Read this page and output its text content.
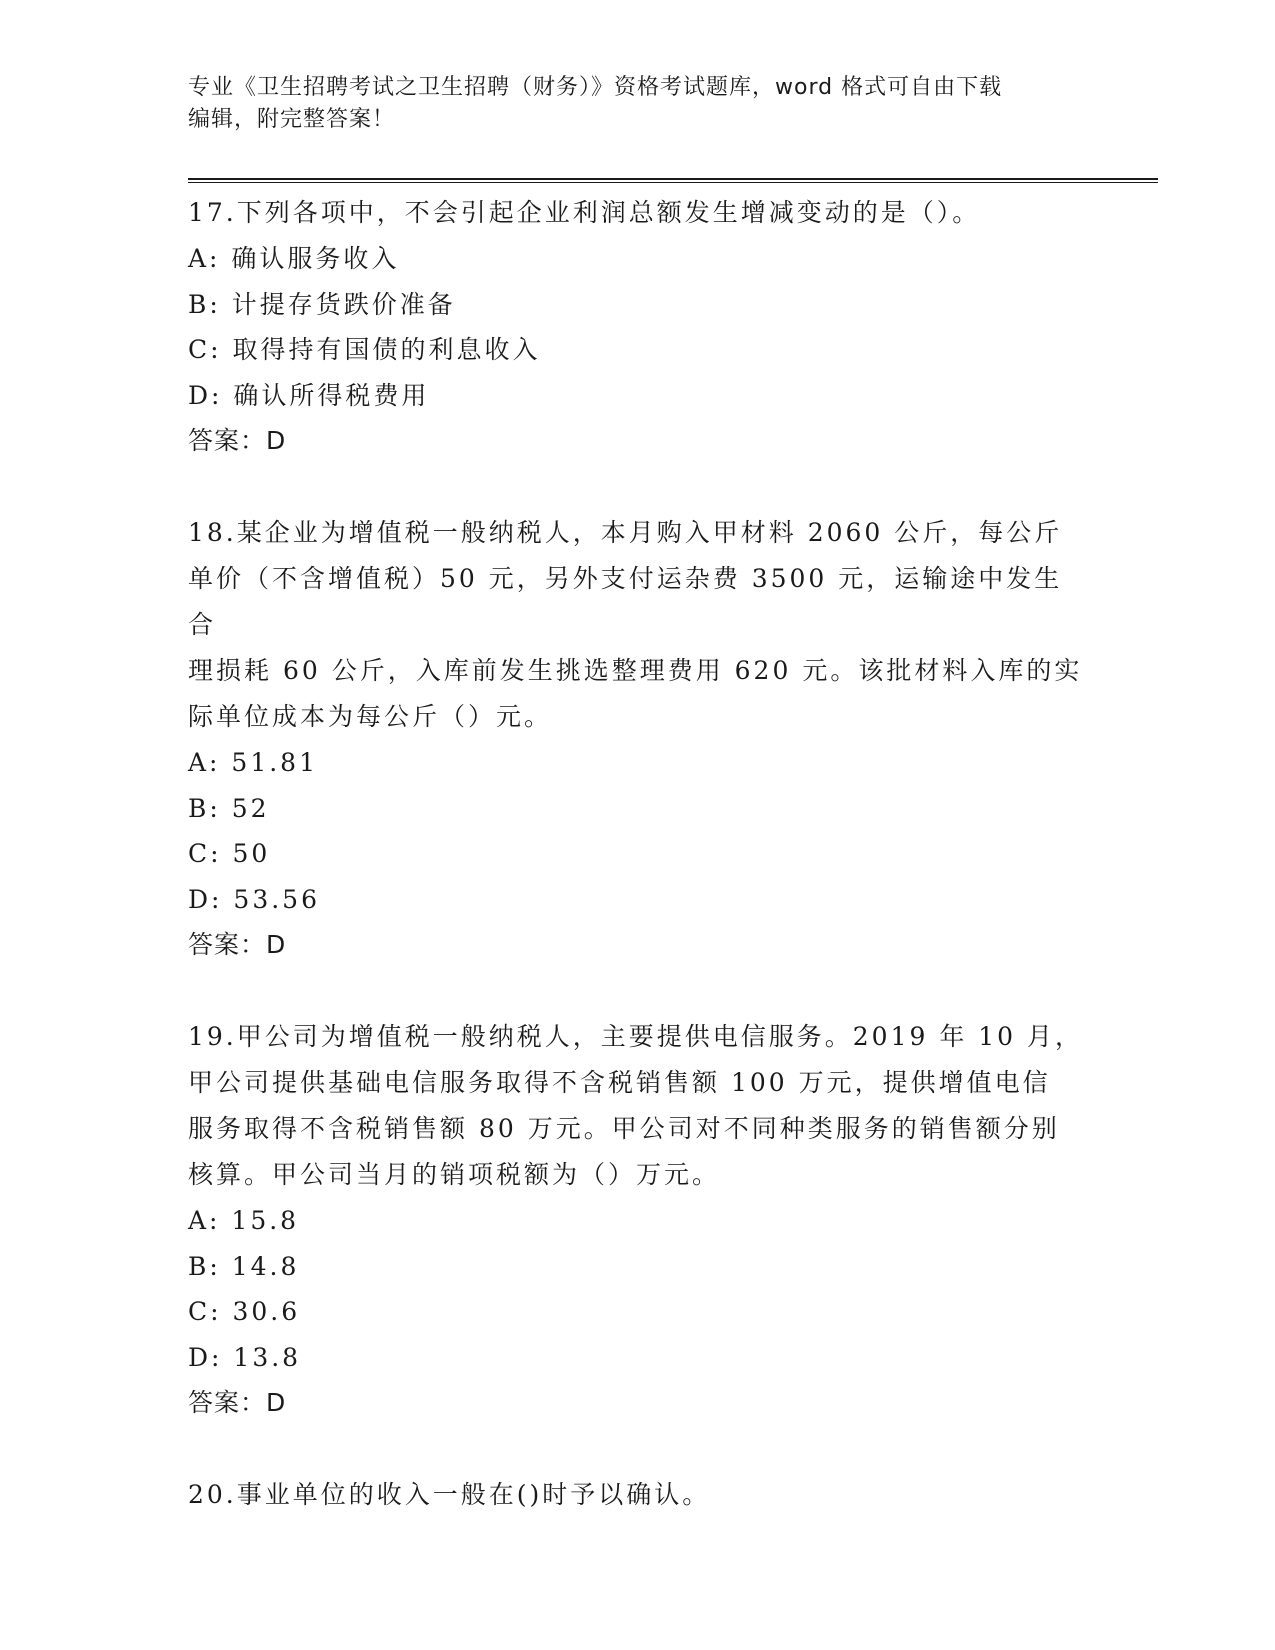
专业《卫生招聘考试之卫生招聘（财务）》资格考试题库，word 格式可自由下载
编辑，附完整答案！

17.下列各项中，不会引起企业利润总额发生增减变动的是（）。

A: 确认服务收入

B: 计提存货跌价准备

C: 取得持有国债的利息收入

D: 确认所得税费用

答案：D

18.某企业为增值税一般纳税人，本月购入甲材料 2060 公斤，每公斤

单价（不含增值税）50 元，另外支付运杂费 3500 元，运输途中发生合

理损耗 60 公斤，入库前发生挑选整理费用 620 元。该批材料入库的实

际单位成本为每公斤（）元。

A: 51.81

B: 52

C: 50

D: 53.56

答案：D

19.甲公司为增值税一般纳税人，主要提供电信服务。2019 年 10 月，

甲公司提供基础电信服务取得不含税销售额 100 万元，提供增值电信

服务取得不含税销售额 80 万元。甲公司对不同种类服务的销售额分别

核算。甲公司当月的销项税额为（）万元。

A: 15.8

B: 14.8

C: 30.6

D: 13.8

答案：D

20.事业单位的收入一般在()时予以确认。
